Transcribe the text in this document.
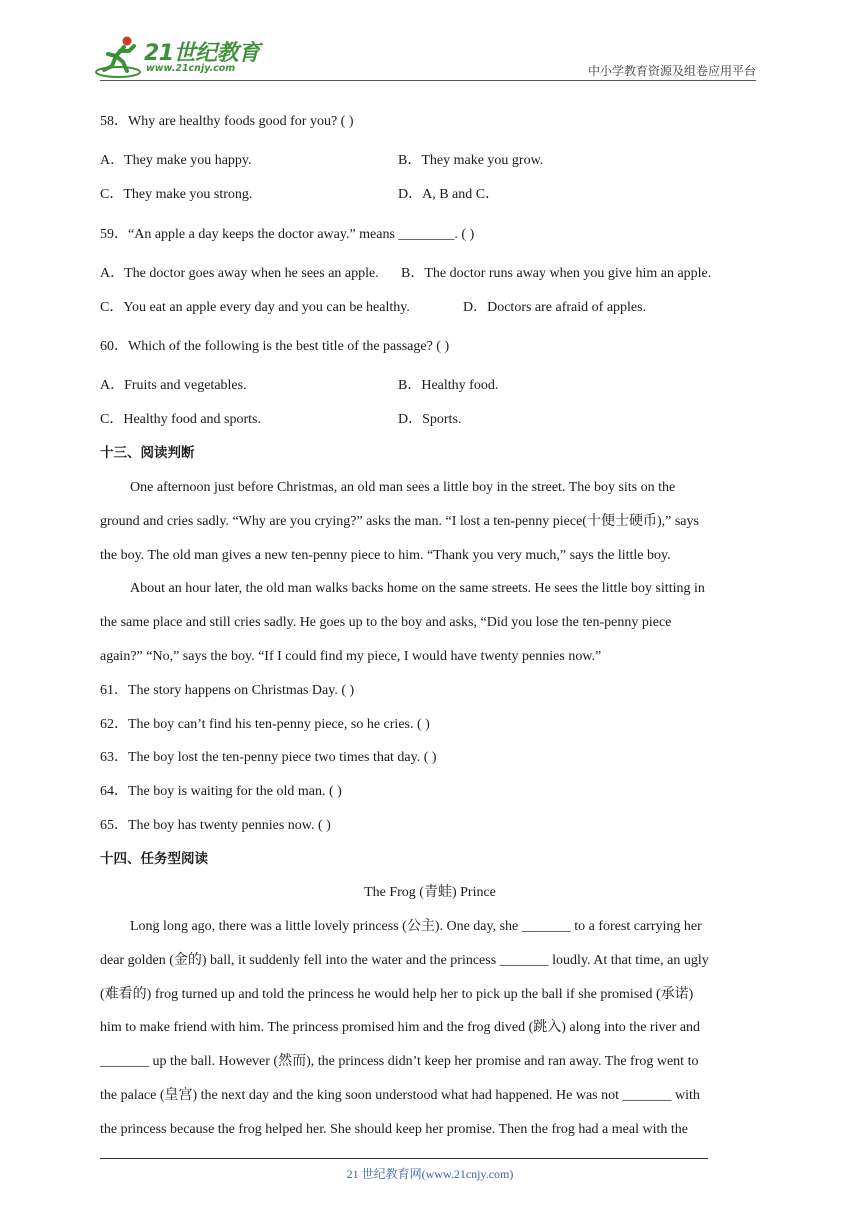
21世纪教育
www.21cnjy.com	中小学教育资源及组卷应用平台
58．Why are healthy foods good for you? ( )
A．They make you happy.	B．They make you grow.
C．They make you strong.	D．A, B and C．
59．“An apple a day keeps the doctor away.” means ________. ( )
A．The doctor goes away when he sees an apple. B．The doctor runs away when you give him an apple.
C．You eat an apple every day and you can be healthy.	D．Doctors are afraid of apples.
60．Which of the following is the best title of the passage? ( )
A．Fruits and vegetables.	B．Healthy food.
C．Healthy food and sports.	D．Sports.
十三、阅读判断
One afternoon just before Christmas, an old man sees a little boy in the street. The boy sits on the
ground and cries sadly. “Why are you crying?” asks the man. “I lost a ten-penny piece(十便士硬币),” says
the boy. The old man gives a new ten-penny piece to him. “Thank you very much,” says the little boy.
About an hour later, the old man walks backs home on the same streets. He sees the little boy sitting in
the same place and still cries sadly. He goes up to the boy and asks, “Did you lose the ten-penny piece
again?” “No,” says the boy. “If I could find my piece, I would have twenty pennies now.”
61．The story happens on Christmas Day. ( )
62．The boy can’t find his ten-penny piece, so he cries. ( )
63．The boy lost the ten-penny piece two times that day. ( )
64．The boy is waiting for the old man. ( )
65．The boy has twenty pennies now. ( )
十四、任务型阅读
The Frog (青蛙) Prince
Long long ago, there was a little lovely princess (公主). One day, she _______ to a forest carrying her
dear golden (金的) ball, it suddenly fell into the water and the princess _______ loudly. At that time, an ugly
(难看的) frog turned up and told the princess he would help her to pick up the ball if she promised (承诺)
him to make friend with him. The princess promised him and the frog dived (跳入) along into the river and
_______ up the ball. However (然而), the princess didn’t keep her promise and ran away. The frog went to
the palace (皇宫) the next day and the king soon understood what had happened. He was not _______ with
the princess because the frog helped her. She should keep her promise. Then the frog had a meal with the
21 世纪教育网(www.21cnjy.com)
